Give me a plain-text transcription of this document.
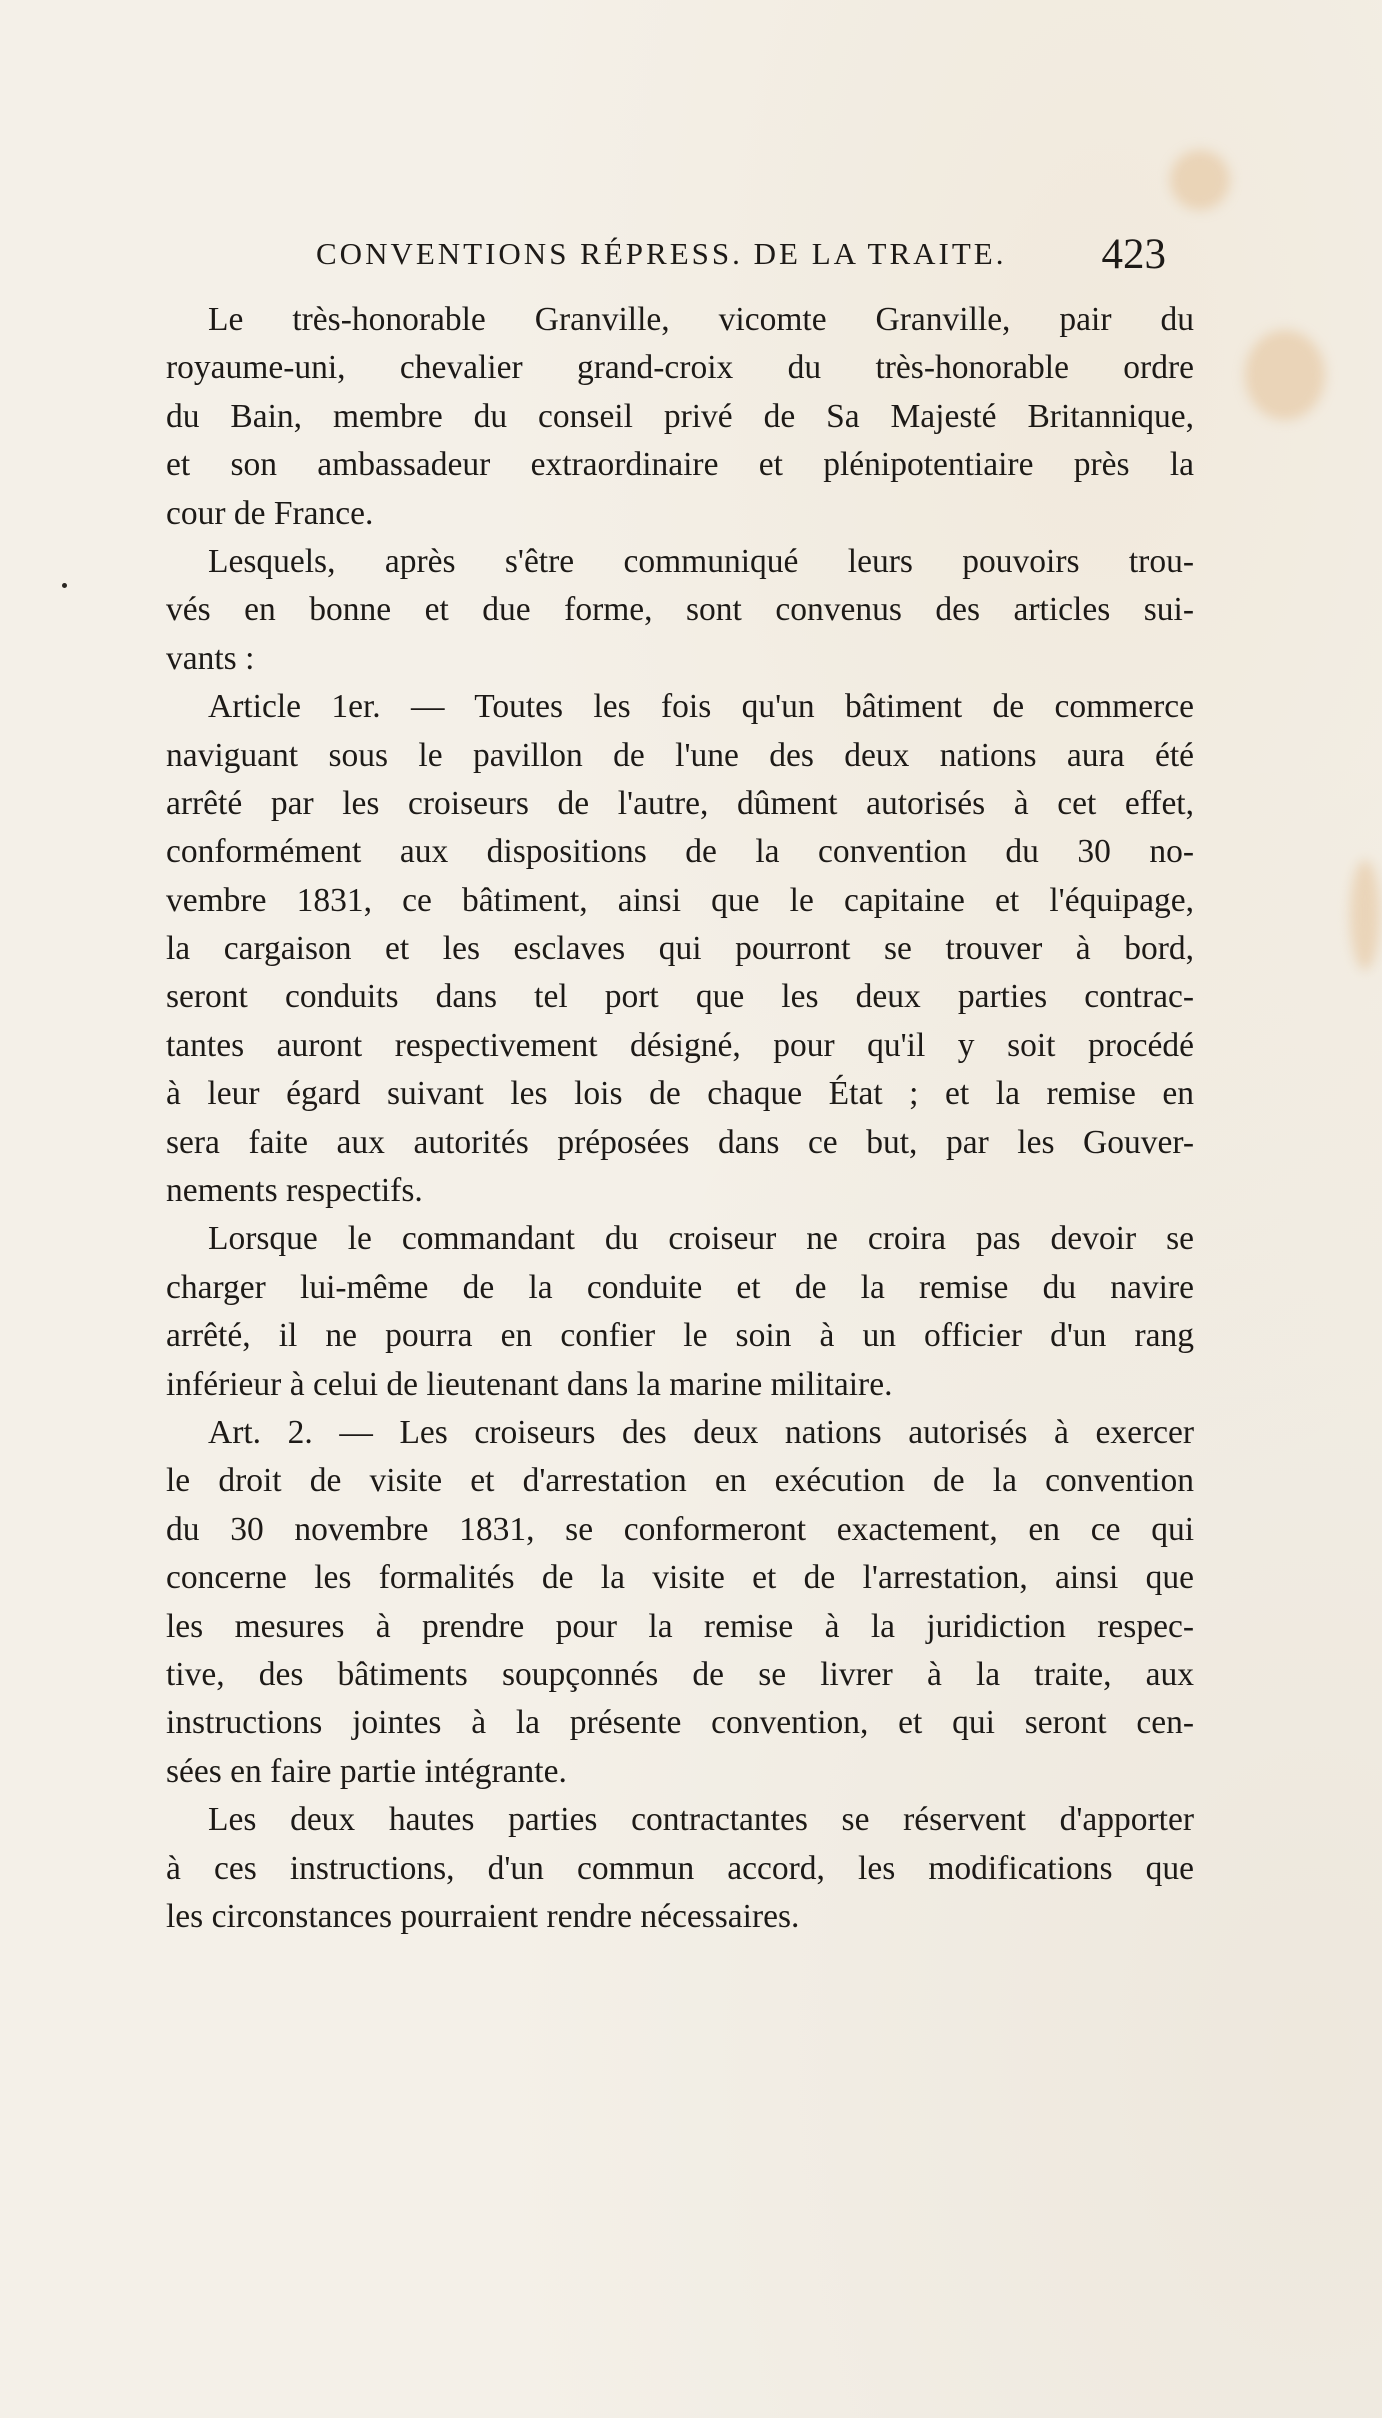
CONVENTIONS RÉPRESS. DE LA TRAITE. 423
Le très-honorable Granville, vicomte Granville, pair du
royaume-uni, chevalier grand-croix du très-honorable ordre
du Bain, membre du conseil privé de Sa Majesté Britannique,
et son ambassadeur extraordinaire et plénipotentiaire près la
cour de France.
Lesquels, après s'être communiqué leurs pouvoirs trou-
vés en bonne et due forme, sont convenus des articles sui-
vants :
Article 1er. — Toutes les fois qu'un bâtiment de commerce
naviguant sous le pavillon de l'une des deux nations aura été
arrêté par les croiseurs de l'autre, dûment autorisés à cet effet,
conformément aux dispositions de la convention du 30 no-
vembre 1831, ce bâtiment, ainsi que le capitaine et l'équipage,
la cargaison et les esclaves qui pourront se trouver à bord,
seront conduits dans tel port que les deux parties contrac-
tantes auront respectivement désigné, pour qu'il y soit procédé
à leur égard suivant les lois de chaque État ; et la remise en
sera faite aux autorités préposées dans ce but, par les Gouver-
nements respectifs.
Lorsque le commandant du croiseur ne croira pas devoir se
charger lui-même de la conduite et de la remise du navire
arrêté, il ne pourra en confier le soin à un officier d'un rang
inférieur à celui de lieutenant dans la marine militaire.
Art. 2. — Les croiseurs des deux nations autorisés à exercer
le droit de visite et d'arrestation en exécution de la convention
du 30 novembre 1831, se conformeront exactement, en ce qui
concerne les formalités de la visite et de l'arrestation, ainsi que
les mesures à prendre pour la remise à la juridiction respec-
tive, des bâtiments soupçonnés de se livrer à la traite, aux
instructions jointes à la présente convention, et qui seront cen-
sées en faire partie intégrante.
Les deux hautes parties contractantes se réservent d'apporter
à ces instructions, d'un commun accord, les modifications que
les circonstances pourraient rendre nécessaires.
